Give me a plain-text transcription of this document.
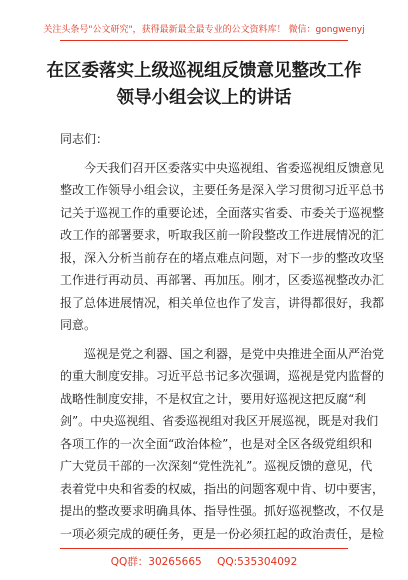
关注头条号"公文研究"，获得最新最全最专业的公文资料库！ 微信：gongwenyj
在区委落实上级巡视组反馈意见整改工作
领导小组会议上的讲话
同志们：
今天我们召开区委落实中央巡视组、省委巡视组反馈意见
整改工作领导小组会议，主要任务是深入学习贯彻习近平总书
记关于巡视工作的重要论述，全面落实省委、市委关于巡视整
改工作的部署要求，听取我区前一阶段整改工作进展情况的汇
报，深入分析当前存在的堵点难点问题，对下一步的整改攻坚
工作进行再动员、再部署、再加压。刚才，区委巡视整改办汇
报了总体进展情况，相关单位也作了发言，讲得都很好，我都
同意。
巡视是党之利器、国之利器，是党中央推进全面从严治党
的重大制度安排。习近平总书记多次强调，巡视是党内监督的
战略性制度安排，不是权宜之计，要用好巡视这把反腐“利
剑”。中央巡视组、省委巡视组对我区开展巡视，既是对我们
各项工作的一次全面“政治体检”，也是对全区各级党组织和
广大党员干部的一次深刻“党性洗礼”。巡视反馈的意见，代
表着党中央和省委的权威，指出的问题客观中肯、切中要害，
提出的整改要求明确具体、指导性强。抓好巡视整改，不仅是
一项必须完成的硬任务，更是一份必须扛起的政治责任，是检
QQ群：30265665 QQ:535304092
